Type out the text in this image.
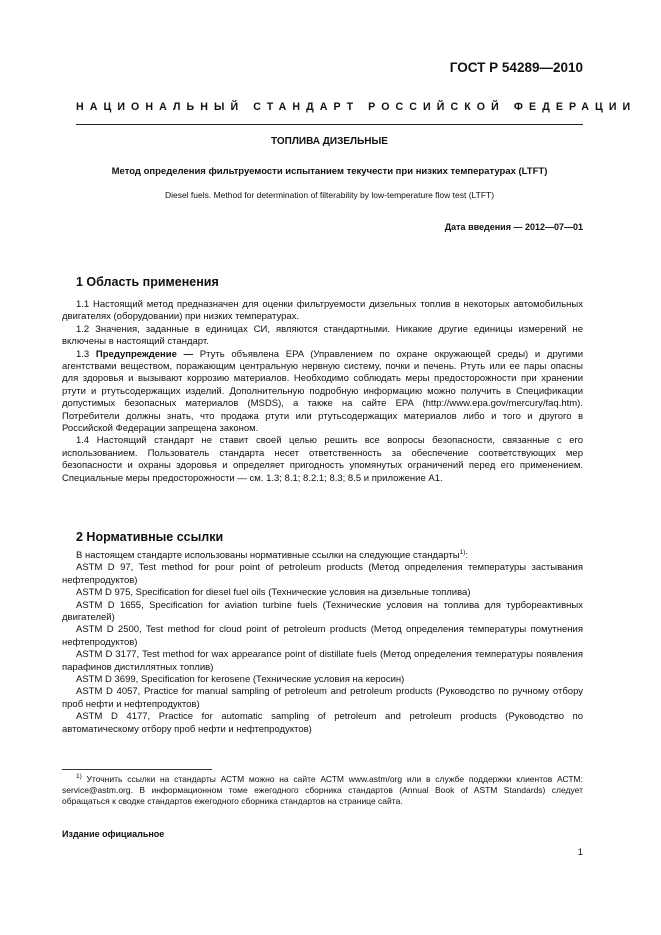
ГОСТ Р 54289—2010
НАЦИОНАЛЬНЫЙ СТАНДАРТ РОССИЙСКОЙ ФЕДЕРАЦИИ
ТОПЛИВА ДИЗЕЛЬНЫЕ
Метод определения фильтруемости испытанием текучести при низких температурах (LTFT)
Diesel fuels. Method for determination of filterability by low-temperature flow test (LTFT)
Дата введения — 2012—07—01
1 Область применения

1.1 Настоящий метод предназначен для оценки фильтруемости дизельных топлив в некоторых автомобильных двигателях (оборудовании) при низких температурах.

1.2 Значения, заданные в единицах СИ, являются стандартными. Никакие другие единицы измерений не включены в настоящий стандарт.

1.3 Предупреждение — Ртуть объявлена EPA (Управлением по охране окружающей среды) и другими агентствами веществом, поражающим центральную нервную систему, почки и печень. Ртуть или ее пары опасны для здоровья и вызывают коррозию материалов. Необходимо соблюдать меры предосторожности при хранении ртути и ртутьсодержащих изделий. Дополнительную подробную информацию можно получить в Спецификации допустимых безопасных материалов (MSDS), а также на сайте EPA (http://www.epa.gov/mercury/faq.htm). Потребители должны знать, что продажа ртути или ртутьсодержащих материалов либо и того и другого в Российской Федерации запрещена законом.

1.4 Настоящий стандарт не ставит своей целью решить все вопросы безопасности, связанные с его использованием. Пользователь стандарта несет ответственность за обеспечение соответствующих мер безопасности и охраны здоровья и определяет пригодность упомянутых ограничений перед его применением. Специальные меры предосторожности — см. 1.3; 8.1; 8.2.1; 8.3; 8.5 и приложение А1.

2 Нормативные ссылки

В настоящем стандарте использованы нормативные ссылки на следующие стандарты$^{1)}$:

ASTM D 97, Test method for pour point of petroleum products (Метод определения температуры застывания нефтепродуктов)

ASTM D 975, Specification for diesel fuel oils (Технические условия на дизельные топлива)

ASTM D 1655, Specification for aviation turbine fuels (Технические условия на топлива для турбореактивных двигателей)

ASTM D 2500, Test method for cloud point of petroleum products (Метод определения температуры помутнения нефтепродуктов)

ASTM D 3177, Test method for wax appearance point of distillate fuels (Метод определения температуры появления парафинов дистиллятных топлив)

ASTM D 3699, Specification for kerosene (Технические условия на керосин)

ASTM D 4057, Practice for manual sampling of petroleum and petroleum products (Руководство по ручному отбору проб нефти и нефтепродуктов)

ASTM D 4177, Practice for automatic sampling of petroleum and petroleum products (Руководство по автоматическому отбору проб нефти и нефтепродуктов)

$^{1)}$ Уточнить ссылки на стандарты АСТМ можно на сайте АСТМ www.astm/org или в службе поддержки клиентов АСТМ: service@astm.org. В информационном томе ежегодного сборника стандартов (Annual Book of ASTM Standards) следует обращаться к сводке стандартов ежегодного сборника стандартов на странице сайта.
Издание официальное
1
